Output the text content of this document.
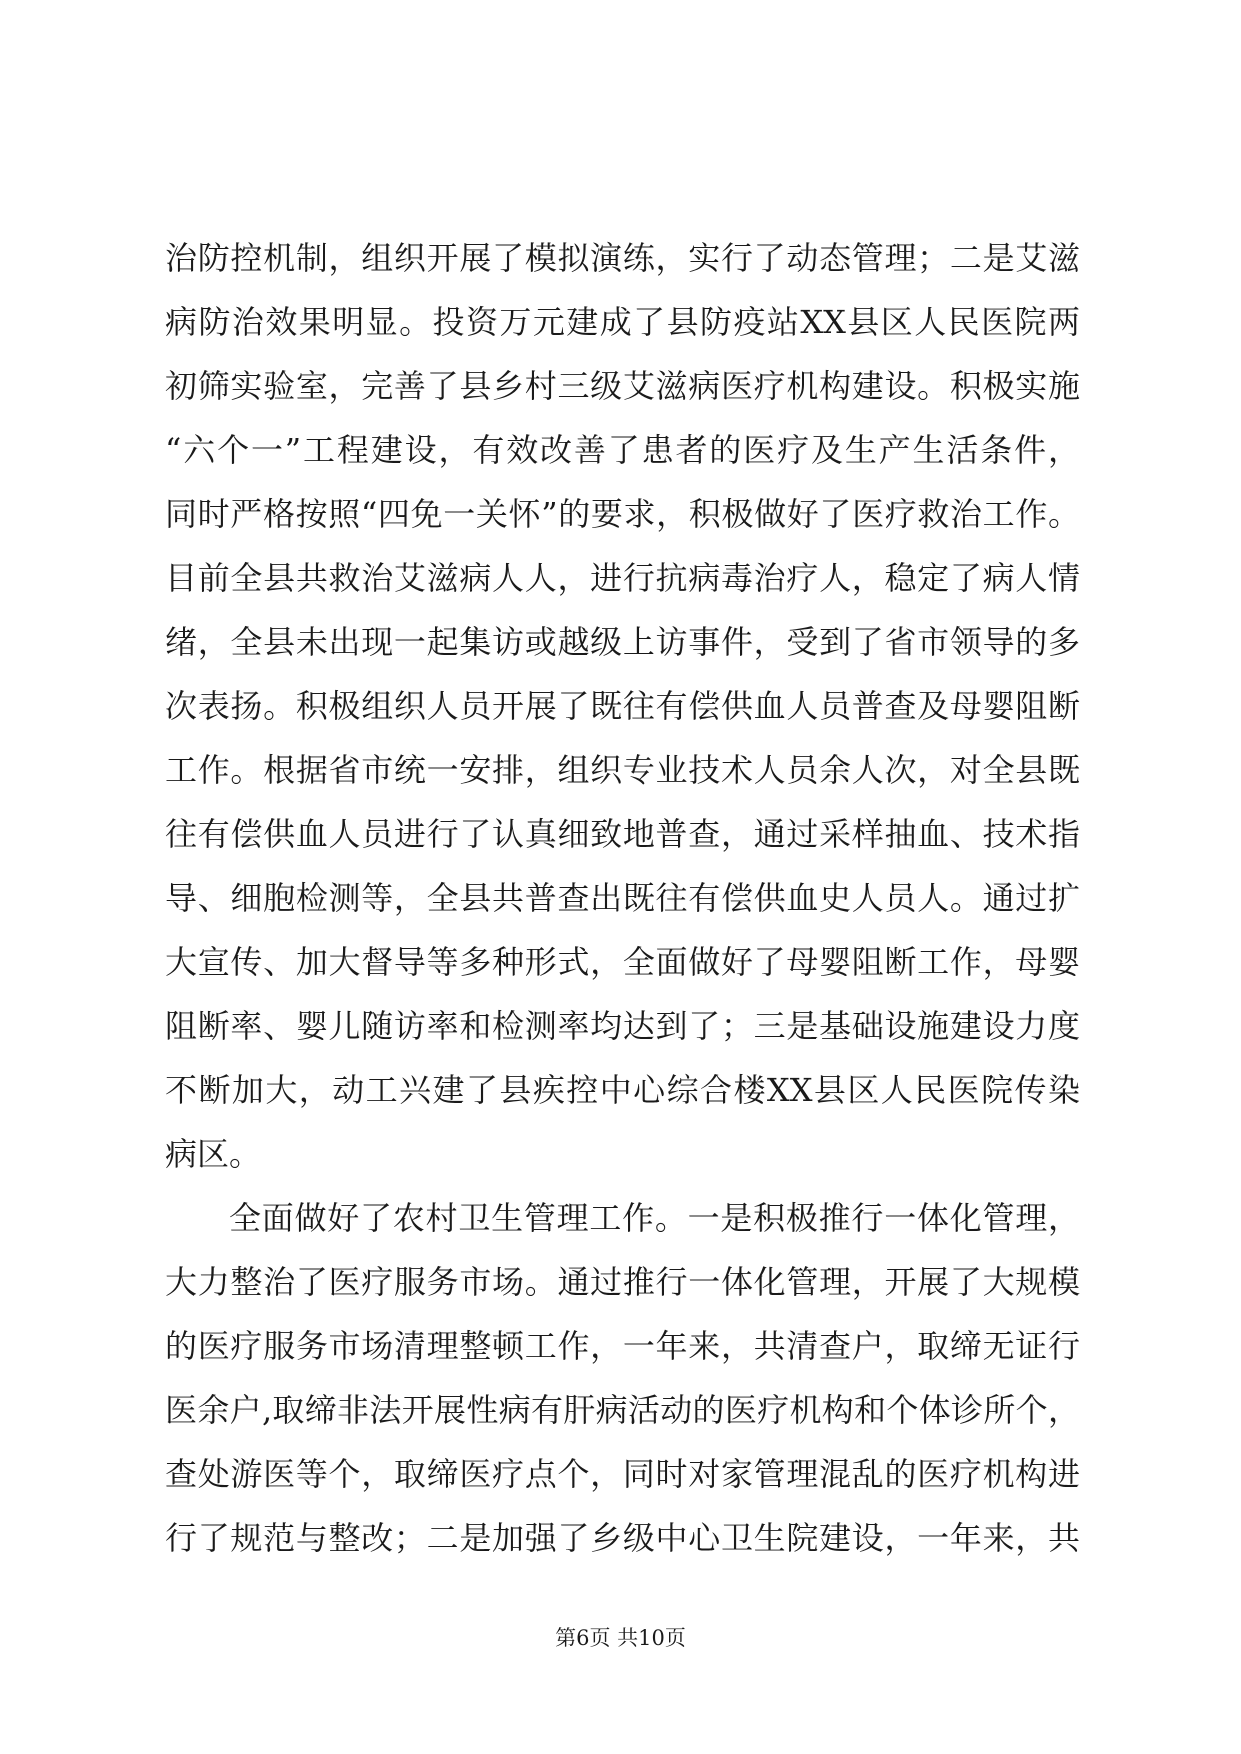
治防控机制，组织开展了模拟演练，实行了动态管理；二是艾滋
病防治效果明显。投资万元建成了县防疫站XX县区人民医院两
初筛实验室，完善了县乡村三级艾滋病医疗机构建设。积极实施
“六个一”工程建设，有效改善了患者的医疗及生产生活条件，
同时严格按照“四免一关怀”的要求，积极做好了医疗救治工作。
目前全县共救治艾滋病人人，进行抗病毒治疗人，稳定了病人情
绪，全县未出现一起集访或越级上访事件，受到了省市领导的多
次表扬。积极组织人员开展了既往有偿供血人员普查及母婴阻断
工作。根据省市统一安排，组织专业技术人员余人次，对全县既
往有偿供血人员进行了认真细致地普查，通过采样抽血、技术指
导、细胞检测等，全县共普查出既往有偿供血史人员人。通过扩
大宣传、加大督导等多种形式，全面做好了母婴阻断工作，母婴
阻断率、婴儿随访率和检测率均达到了；三是基础设施建设力度
不断加大，动工兴建了县疾控中心综合楼XX县区人民医院传染
病区。
全面做好了农村卫生管理工作。一是积极推行一体化管理，
大力整治了医疗服务市场。通过推行一体化管理，开展了大规模
的医疗服务市场清理整顿工作，一年来，共清查户，取缔无证行
医余户,取缔非法开展性病有肝病活动的医疗机构和个体诊所个，
查处游医等个，取缔医疗点个，同时对家管理混乱的医疗机构进
行了规范与整改；二是加强了乡级中心卫生院建设，一年来，共
第6页 共10页
